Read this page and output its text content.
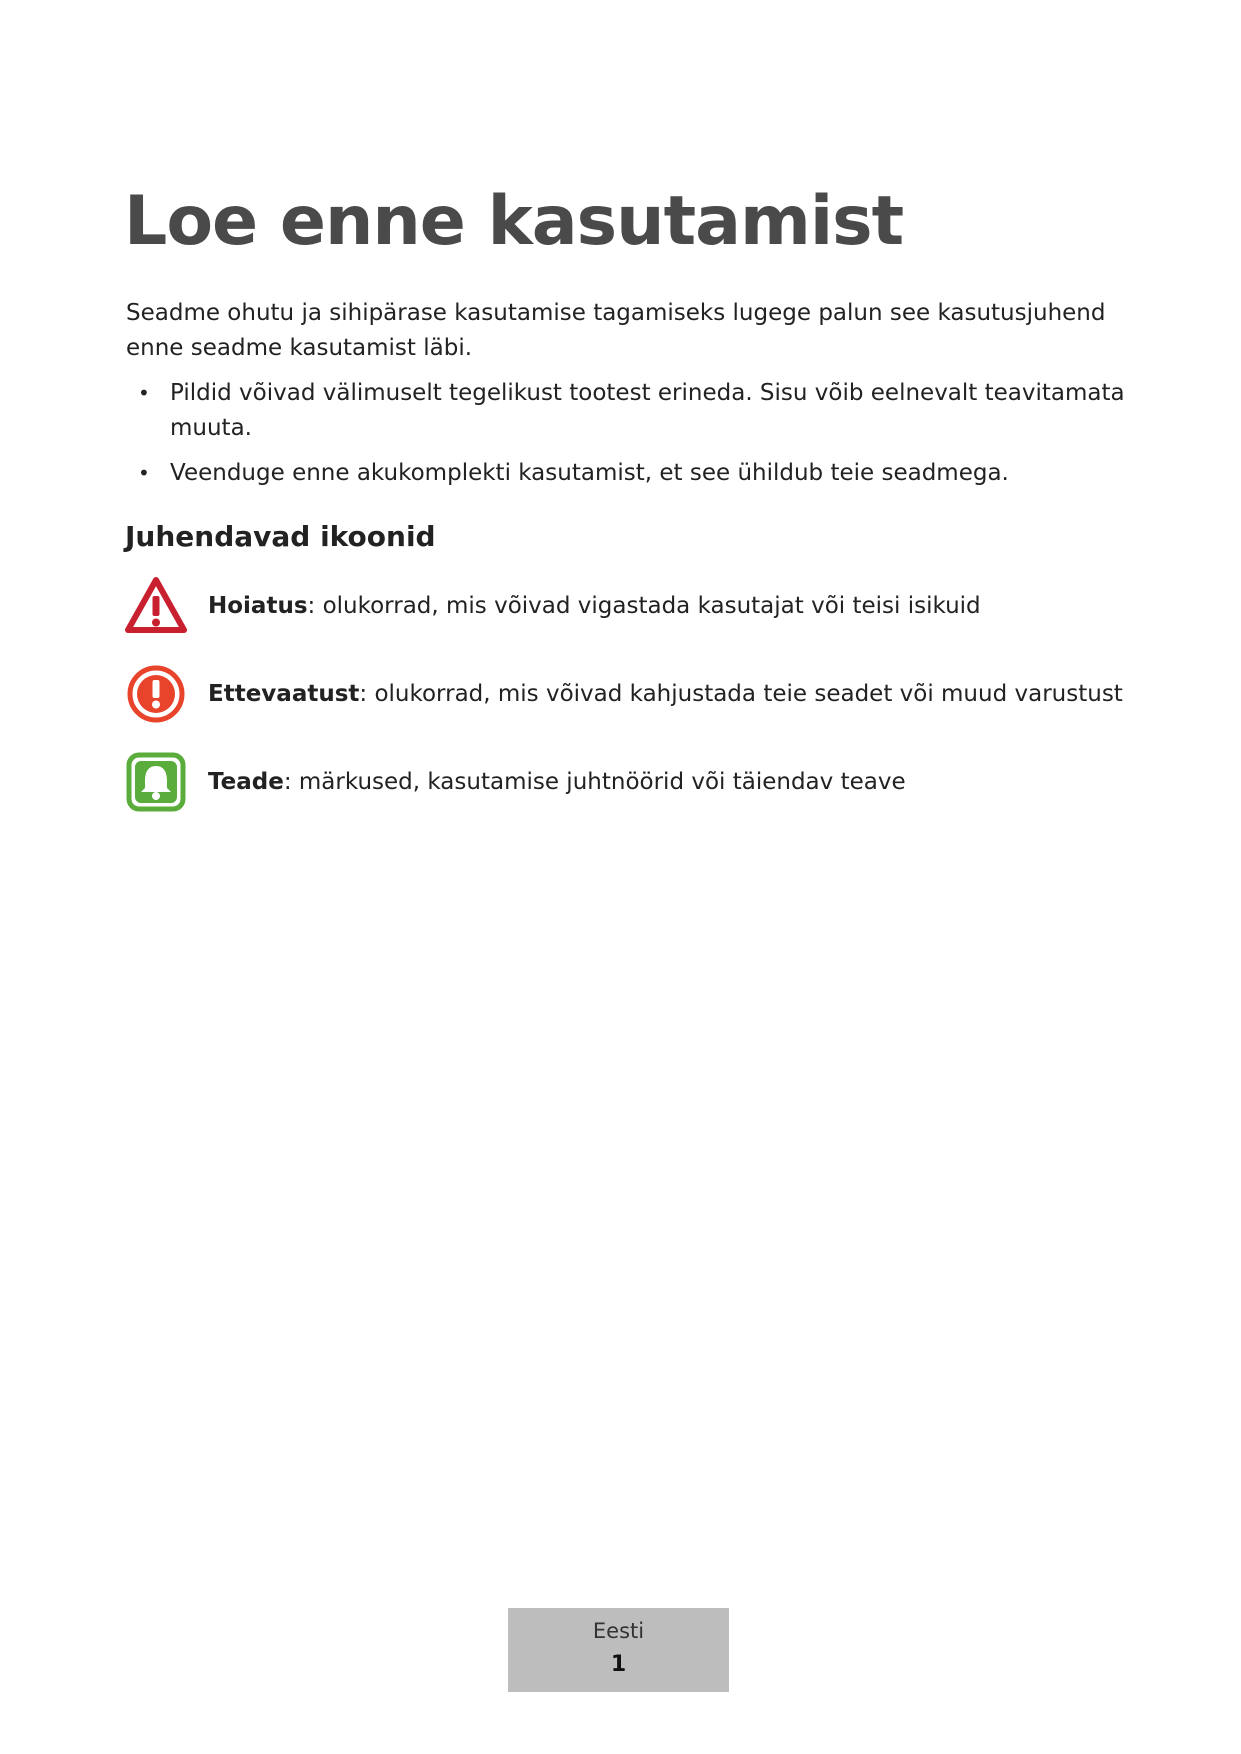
Loe enne kasutamist

Seadme ohutu ja sihipärase kasutamise tagamiseks lugege palun see kasutusjuhend enne seadme kasutamist läbi.

• Pildid võivad välimuselt tegelikust tootest erineda. Sisu võib eelnevalt teavitamata muuta.
• Veenduge enne akukomplekti kasutamist, et see ühildub teie seadmega.
Juhendavad ikoonid
Hoiatus: olukorrad, mis võivad vigastada kasutajat või teisi isikuid
Ettevaatust: olukorrad, mis võivad kahjustada teie seadet või muud varustust
Teade: märkused, kasutamise juhtnöörid või täiendav teave
Eesti
1
